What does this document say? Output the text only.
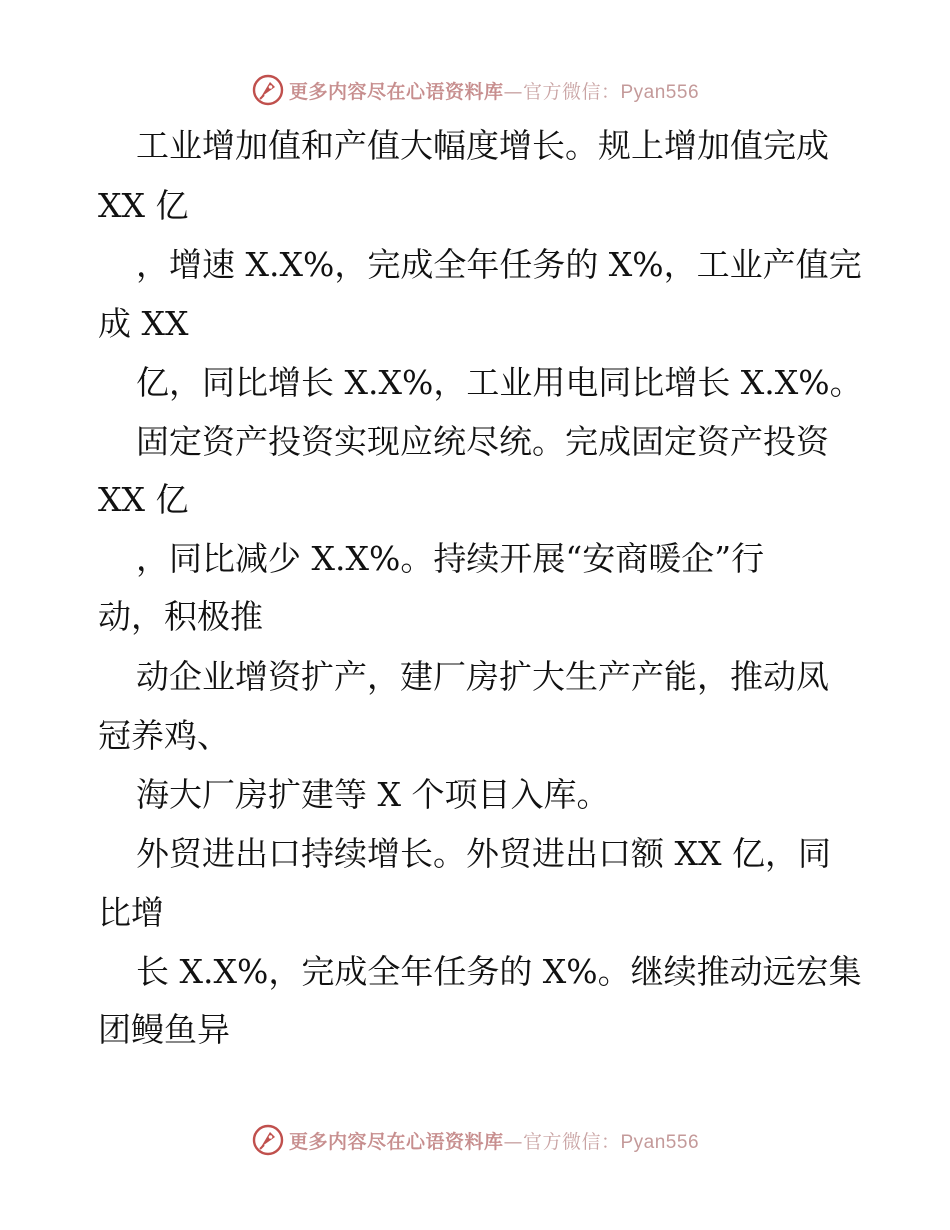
更多内容尽在心语资料库—官方微信：Pyan556
工业增加值和产值大幅度增长。规上增加值完成
XX 亿
，增速 X.X%，完成全年任务的 X%，工业产值完
成 XX
亿，同比增长 X.X%，工业用电同比增长 X.X%。
固定资产投资实现应统尽统。完成固定资产投资
XX 亿
，同比减少 X.X%。持续开展“安商暖企”行
动，积极推
动企业增资扩产，建厂房扩大生产产能，推动凤
冠养鸡、
海大厂房扩建等 X 个项目入库。
外贸进出口持续增长。外贸进出口额 XX 亿，同
比增
长 X.X%，完成全年任务的 X%。继续推动远宏集
团鳗鱼异
更多内容尽在心语资料库—官方微信：Pyan556
